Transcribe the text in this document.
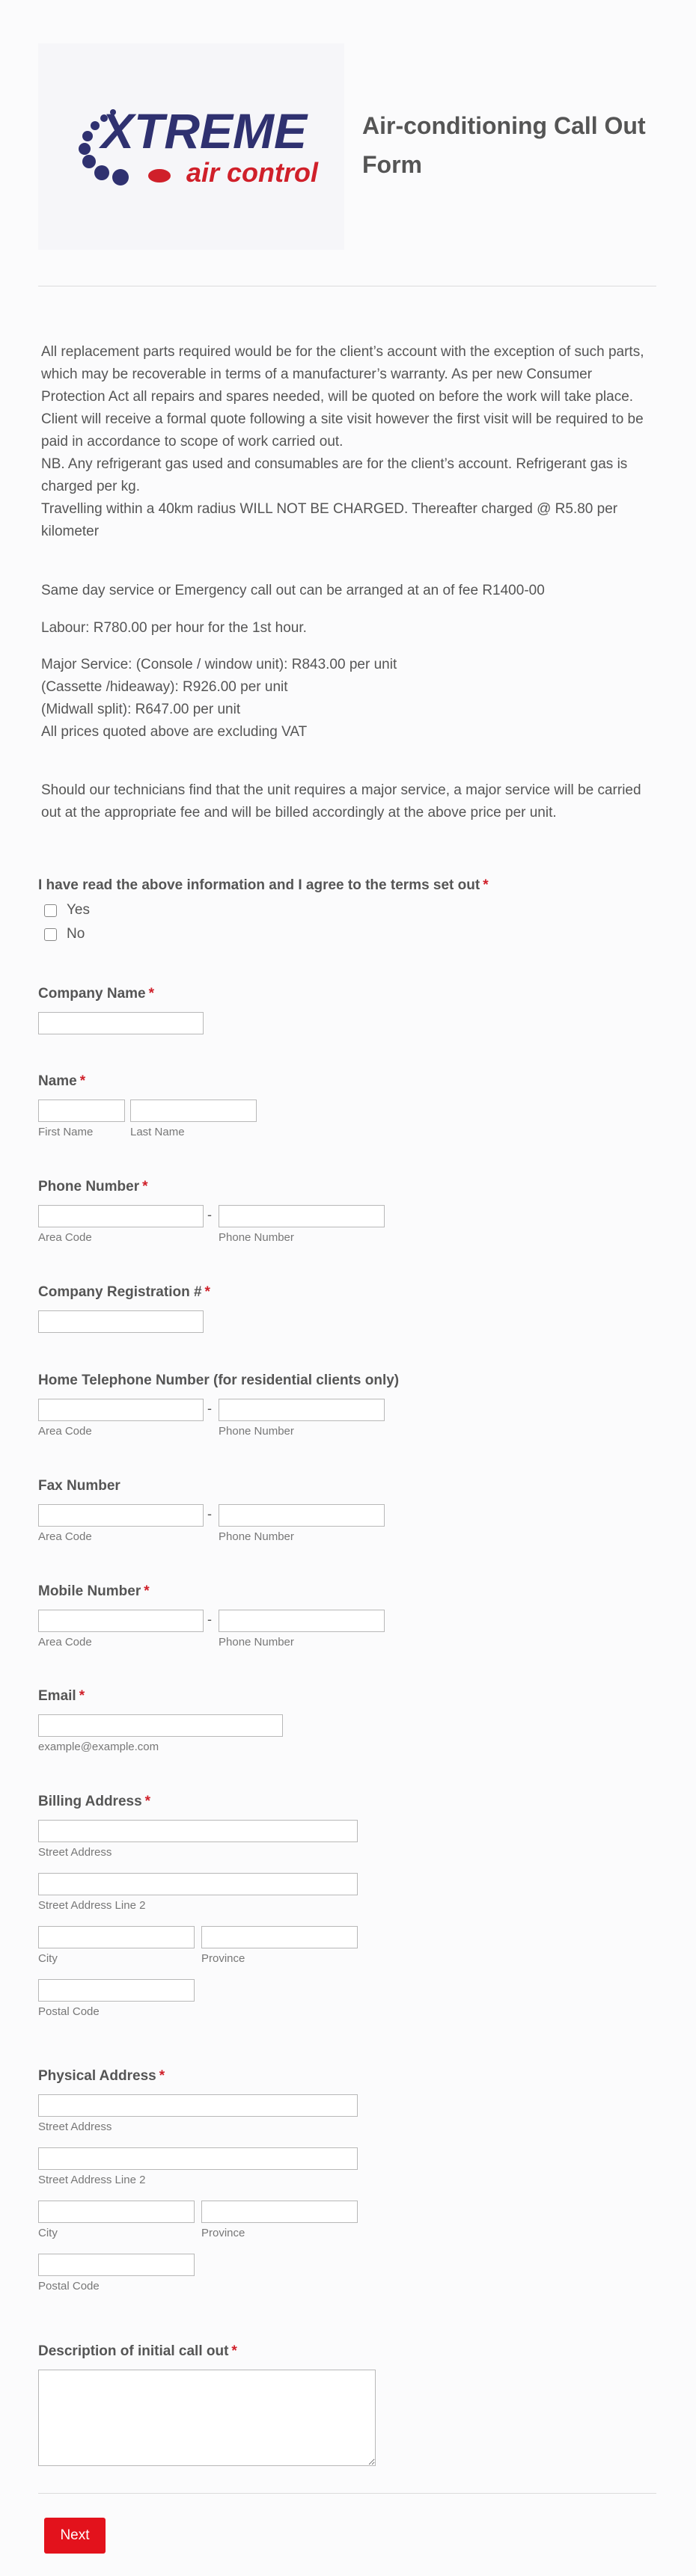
XTREME
air control
Air-conditioning Call Out Form

All replacement parts required would be for the client’s account with the exception of such parts, which may be recoverable in terms of a manufacturer’s warranty. As per new Consumer Protection Act all repairs and spares needed, will be quoted on before the work will take place. Client will receive a formal quote following a site visit however the first visit will be required to be paid in accordance to scope of work carried out.

NB. Any refrigerant gas used and consumables are for the client’s account. Refrigerant gas is charged per kg.

Travelling within a 40km radius WILL NOT BE CHARGED. Thereafter charged @ R5.80 per kilometer

Same day service or Emergency call out can be arranged at an of fee R1400-00
Labour: R780.00 per hour for the 1st hour.

Major Service: (Console / window unit): R843.00 per unit

(Cassette /hideaway): R926.00 per unit

(Midwall split): R647.00 per unit

All prices quoted above are excluding VAT

Should our technicians find that the unit requires a major service, a major service will be carried out at the appropriate fee and will be billed accordingly at the above price per unit.
I have read the above information and I agree to the terms set out *
Yes
No
Company Name *
Name *
First Name	Last Name
Phone Number *
-
Area Code	Phone Number
Company Registration # *
Home Telephone Number (for residential clients only)
-
Area Code	Phone Number
Fax Number
-
Area Code	Phone Number
Mobile Number *
-
Area Code	Phone Number
Email *
example@example.com
Billing Address *
Street Address
Street Address Line 2
City	Province
Postal Code
Physical Address *
Street Address
Street Address Line 2
City	Province
Postal Code
Description of initial call out *
Next
